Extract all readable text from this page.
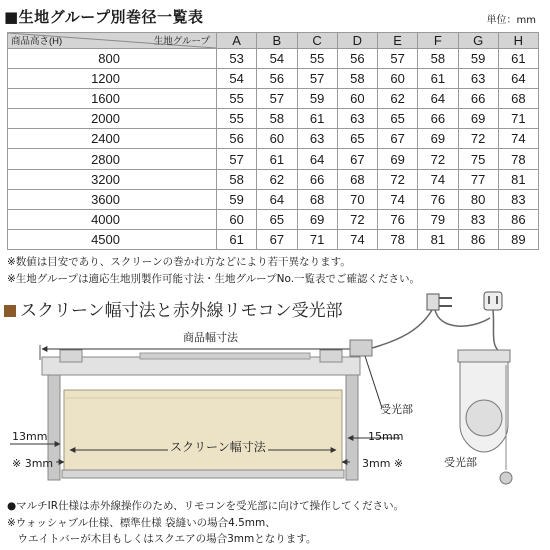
■生地グループ別巻径一覧表	単位：mm
生地グループ
商品高さ(H)	A	B	C	D	E	F	G	H
800	53	54	55	56	57	58	59	61
1200	54	56	57	58	60	61	63	64
1600	55	57	59	60	62	64	66	68
2000	55	58	61	63	65	66	69	71
2400	56	60	63	65	67	69	72	74
2800	57	61	64	67	69	72	75	78
3200	58	62	66	68	72	74	77	81
3600	59	64	68	70	74	76	80	83
4000	60	65	69	72	76	79	83	86
4500	61	67	71	74	78	81	86	89
※数値は目安であり、スクリーンの巻かれ方などにより若干異なります。
※生地グループは適応生地別製作可能寸法・生地グループNo.一覧表でご確認ください。
スクリーン幅寸法と赤外線リモコン受光部
商品幅寸法
スクリーン幅寸法
受光部
受光部
13mm
※ 3mm
15mm
3mm ※
●マルチIR仕様は赤外線操作のため、リモコンを受光部に向けて操作してください。
※ウォッシャブル仕様、標準仕様 袋縫いの場合4.5mm、
　ウエイトバーが木目もしくはスクエアの場合3mmとなります。
